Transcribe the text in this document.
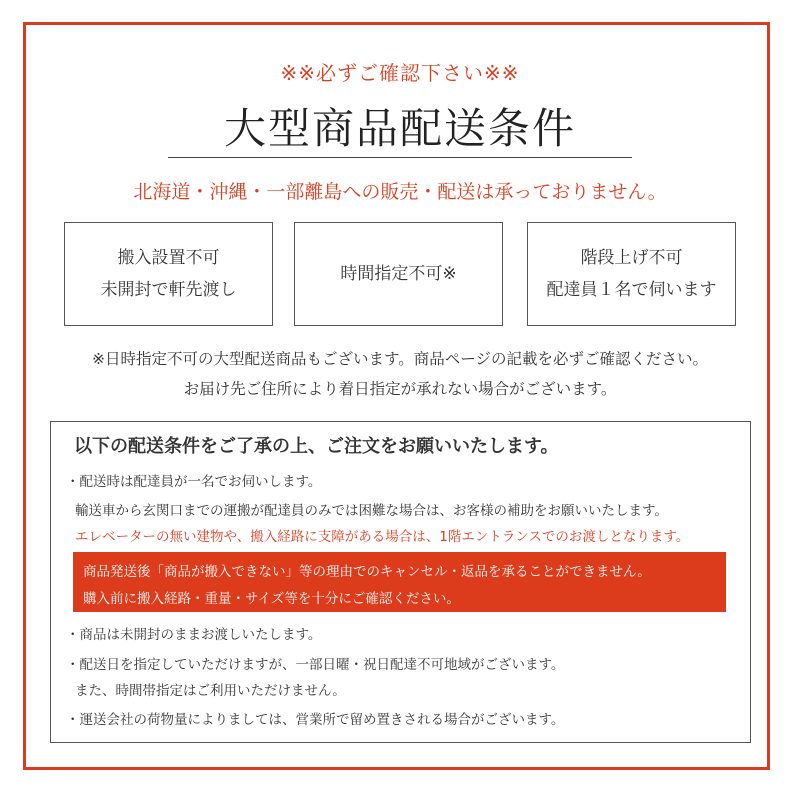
※※必ずご確認下さい※※
大型商品配送条件
北海道・沖縄・一部離島への販売・配送は承っておりません。
搬入設置不可
未開封で軒先渡し
時間指定不可※
階段上げ不可
配達員１名で伺います
※日時指定不可の大型配送商品もございます。商品ページの記載を必ずご確認ください。
お届け先ご住所により着日指定が承れない場合がございます。
以下の配送条件をご了承の上、ご注文をお願いいたします。
・配送時は配達員が一名でお伺いします。
輸送車から玄関口までの運搬が配達員のみでは困難な場合は、お客様の補助をお願いいたします。
エレベーターの無い建物や、搬入経路に支障がある場合は、1階エントランスでのお渡しとなります。
商品発送後「商品が搬入できない」等の理由でのキャンセル・返品を承ることができません。
購入前に搬入経路・重量・サイズ等を十分にご確認ください。
・商品は未開封のままお渡しいたします。
・配送日を指定していただけますが、一部日曜・祝日配達不可地域がございます。
また、時間帯指定はご利用いただけません。
・運送会社の荷物量によりましては、営業所で留め置きされる場合がございます。
